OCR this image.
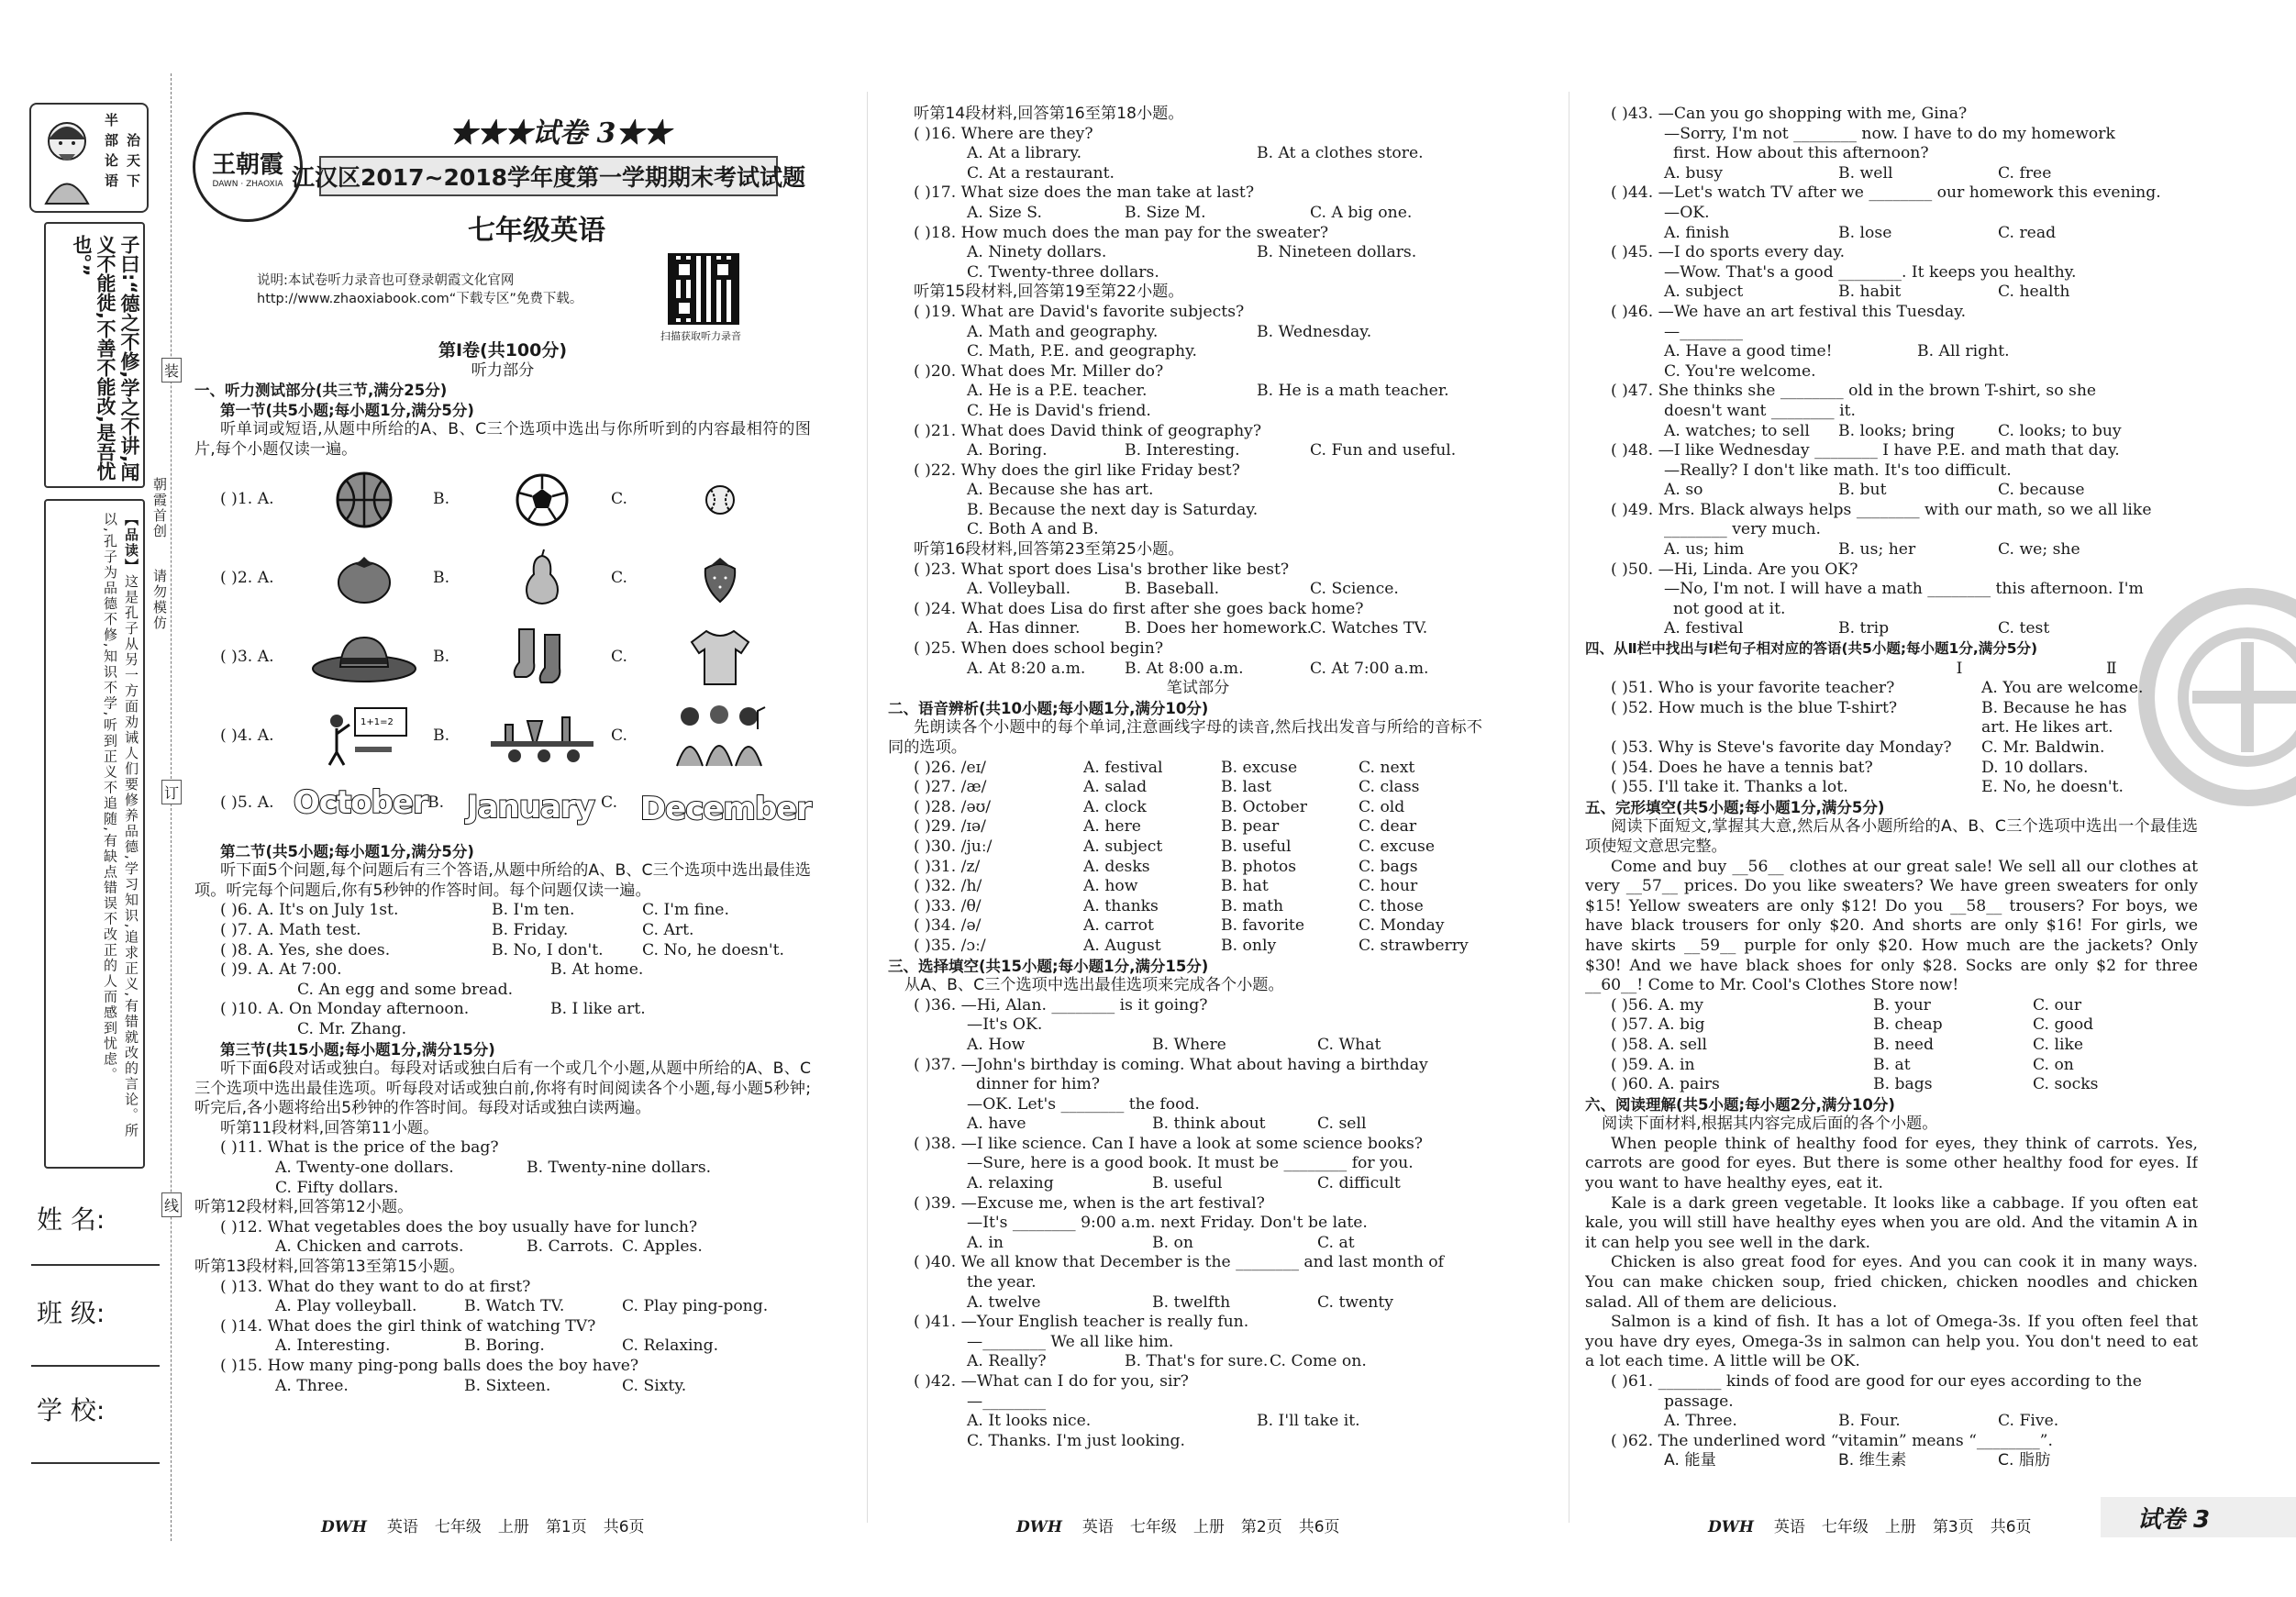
半
部
论
语
治
天
下
子曰:“德之不修,学之不讲,闻义不能徙,不善不能改,是吾忧也。”
【品读】这是孔子从另一方面劝诫人们要修养品德,学习知识,追求正义,有错就改的言论。所以,孔子为品德不修,知识不学,听到正义不追随,有缺点错误不改正的人而感到忧虑。
装
朝霞首创
请勿模仿
订
线
姓 名:
班 级:
学 校:
王朝霞
DAWN · ZHAOXIA
★★★试卷 3★★
江汉区2017~2018学年度第一学期期末考试试题
七年级英语
说明:本试卷听力录音也可登录朝霞文化官网 http://www.zhaoxiabook.com“下载专区”免费下载。
扫描获取听力录音
第Ⅰ卷(共100分)
听力部分
一、听力测试部分(共三节,满分25分)
第一节(共5小题;每小题1分,满分5分)
听单词或短语,从题中所给的A、B、C三个选项中选出与你所听到的内容最相符的图片,每个小题仅读一遍。
( )1. A.	B.	C.
( )2. A.	B.	C.
( )3. A.	B.	C.
( )4. A.
1+1=2
B.	C.
( )5. A. October B. January C. December
第二节(共5小题;每小题1分,满分5分)
听下面5个问题,每个问题后有三个答语,从题中所给的A、B、C三个选项中选出最佳选项。听完每个问题后,你有5秒钟的作答时间。每个问题仅读一遍。
( )6. A. It's on July 1st.	B. I'm ten.	C. I'm fine.
( )7. A. Math test.	B. Friday.	C. Art.
( )8. A. Yes, she does.	B. No, I don't.	C. No, he doesn't.
( )9. A. At 7:00.	B. At home.
C. An egg and some bread.
( )10. A. On Monday afternoon.	B. I like art.
C. Mr. Zhang.
第三节(共15小题;每小题1分,满分15分)
听下面6段对话或独白。每段对话或独白后有一个或几个小题,从题中所给的A、B、C三个选项中选出最佳选项。听每段对话或独白前,你将有时间阅读各个小题,每小题5秒钟;听完后,各小题将给出5秒钟的作答时间。每段对话或独白读两遍。
听第11段材料,回答第11小题。
( )11. What is the price of the bag?
A. Twenty-one dollars.	B. Twenty-nine dollars.
C. Fifty dollars.
听第12段材料,回答第12小题。
( )12. What vegetables does the boy usually have for lunch?
A. Chicken and carrots.	B. Carrots. C. Apples.
听第13段材料,回答第13至第15小题。
( )13. What do they want to do at first?
A. Play volleyball.	B. Watch TV.	C. Play ping-pong.
( )14. What does the girl think of watching TV?
A. Interesting.	B. Boring.	C. Relaxing.
( )15. How many ping-pong balls does the boy have?
A. Three.	B. Sixteen.	C. Sixty.
听第14段材料,回答第16至第18小题。
( )16. Where are they?
A. At a library.	B. At a clothes store.
C. At a restaurant.
( )17. What size does the man take at last?
A. Size S.	B. Size M.	C. A big one.
( )18. How much does the man pay for the sweater?
A. Ninety dollars.	B. Nineteen dollars.
C. Twenty-three dollars.
听第15段材料,回答第19至第22小题。
( )19. What are David's favorite subjects?
A. Math and geography.	B. Wednesday.
C. Math, P.E. and geography.
( )20. What does Mr. Miller do?
A. He is a P.E. teacher.	B. He is a math teacher.
C. He is David's friend.
( )21. What does David think of geography?
A. Boring.	B. Interesting.	C. Fun and useful.
( )22. Why does the girl like Friday best?
A. Because she has art.
B. Because the next day is Saturday.
C. Both A and B.
听第16段材料,回答第23至第25小题。
( )23. What sport does Lisa's brother like best?
A. Volleyball.	B. Baseball.	C. Science.
( )24. What does Lisa do first after she goes back home?
A. Has dinner.	B. Does her homework.
C. Watches TV.
( )25. When does school begin?
A. At 8:20 a.m.	B. At 8:00 a.m.	C. At 7:00 a.m.
笔试部分
二、语音辨析(共10小题;每小题1分,满分10分)
先朗读各个小题中的每个单词,注意画线字母的读音,然后找出发音与所给的音标不同的选项。
( )26. /eɪ/	A. festival	B. excuse	C. next
( )27. /æ/	A. salad	B. last	C. class
( )28. /əʊ/	A. clock	B. October	C. old
( )29. /ɪə/	A. here	B. pear	C. dear
( )30. /juː/	A. subject	B. useful	C. excuse
( )31. /z/	A. desks	B. photos	C. bags
( )32. /h/	A. how	B. hat	C. hour
( )33. /θ/	A. thanks	B. math	C. those
( )34. /ə/	A. carrot	B. favorite	C. Monday
( )35. /ɔː/	A. August	B. only	C. strawberry
三、选择填空(共15小题;每小题1分,满分15分)
从A、B、C三个选项中选出最佳选项来完成各个小题。
( )36. —Hi, Alan. ________ is it going?
—It's OK.
A. How	B. Where	C. What
( )37. —John's birthday is coming. What about having a birthday
dinner for him?
—OK. Let's ________ the food.
A. have	B. think about	C. sell
( )38. —I like science. Can I have a look at some science books?
—Sure, here is a good book. It must be ________ for you.
A. relaxing	B. useful	C. difficult
( )39. —Excuse me, when is the art festival?
—It's ________ 9:00 a.m. next Friday. Don't be late.
A. in	B. on	C. at
( )40. We all know that December is the ________ and last month of
the year.
A. twelve	B. twelfth	C. twenty
( )41. —Your English teacher is really fun.
—________ We all like him.
A. Really?	B. That's for sure. C. Come on.
( )42. —What can I do for you, sir?
—________
A. It looks nice.	B. I'll take it.
C. Thanks. I'm just looking.
( )43. —Can you go shopping with me, Gina?
—Sorry, I'm not ________ now. I have to do my homework
first. How about this afternoon?
A. busy	B. well	C. free
( )44. —Let's watch TV after we ________ our homework this evening.
—OK.
A. finish	B. lose	C. read
( )45. —I do sports every day.
—Wow. That's a good ________. It keeps you healthy.
A. subject	B. habit	C. health
( )46. —We have an art festival this Tuesday.
—________
A. Have a good time!	B. All right.
C. You're welcome.
( )47. She thinks she ________ old in the brown T-shirt, so she
doesn't want ________ it.
A. watches; to sell	B. looks; bring	C. looks; to buy
( )48. —I like Wednesday ________ I have P.E. and math that day.
—Really? I don't like math. It's too difficult.
A. so	B. but	C. because
( )49. Mrs. Black always helps ________ with our math, so we all like
________ very much.
A. us; him	B. us; her	C. we; she
( )50. —Hi, Linda. Are you OK?
—No, I'm not. I will have a math ________ this afternoon. I'm
not good at it.
A. festival	B. trip	C. test
四、从Ⅱ栏中找出与Ⅰ栏句子相对应的答语(共5小题;每小题1分,满分5分)
Ⅰ	Ⅱ
( )51. Who is your favorite teacher?	A. You are welcome.
( )52. How much is the blue T-shirt?	B. Because he has
art. He likes art.
( )53. Why is Steve's favorite day Monday?	C. Mr. Baldwin.
( )54. Does he have a tennis bat?	D. 10 dollars.
( )55. I'll take it. Thanks a lot.	E. No, he doesn't.
五、完形填空(共5小题;每小题1分,满分5分)
阅读下面短文,掌握其大意,然后从各小题所给的A、B、C三个选项中选出一个最佳选项使短文意思完整。
Come and buy __56__ clothes at our great sale! We sell all our clothes at very __57__ prices. Do you like sweaters? We have green sweaters for only $15! Yellow sweaters are only $12! Do you __58__ trousers? For boys, we have black trousers for only $20. And shorts are only $16! For girls, we have skirts __59__ purple for only $20. How much are the jackets? Only $30! And we have black shoes for only $28. Socks are only $2 for three __60__! Come to Mr. Cool's Clothes Store now!
( )56. A. my	B. your	C. our
( )57. A. big	B. cheap	C. good
( )58. A. sell	B. need	C. like
( )59. A. in	B. at	C. on
( )60. A. pairs	B. bags	C. socks
六、阅读理解(共5小题;每小题2分,满分10分)
阅读下面材料,根据其内容完成后面的各个小题。
When people think of healthy food for eyes, they think of carrots. Yes, carrots are good for eyes. But there is some other healthy food for eyes. If you want to have healthy eyes, eat it.
Kale is a dark green vegetable. It looks like a cabbage. If you often eat kale, you will still have healthy eyes when you are old. And the vitamin A in it can help you see well in the dark.
Chicken is also great food for eyes. And you can cook it in many ways. You can make chicken soup, fried chicken, chicken noodles and chicken salad. All of them are delicious.
Salmon is a kind of fish. It has a lot of Omega-3s. If you often feel that you have dry eyes, Omega-3s in salmon can help you. You don't need to eat a lot each time. A little will be OK.
( )61. ________ kinds of food are good for our eyes according to the
passage.
A. Three.	B. Four.	C. Five.
( )62. The underlined word “vitamin” means “________”.
A. 能量	B. 维生素	C. 脂肪
DWH 英语 七年级 上册 第1页 共6页	DWH 英语 七年级 上册 第2页 共6页	DWH 英语 七年级 上册 第3页 共6页	试卷 3
